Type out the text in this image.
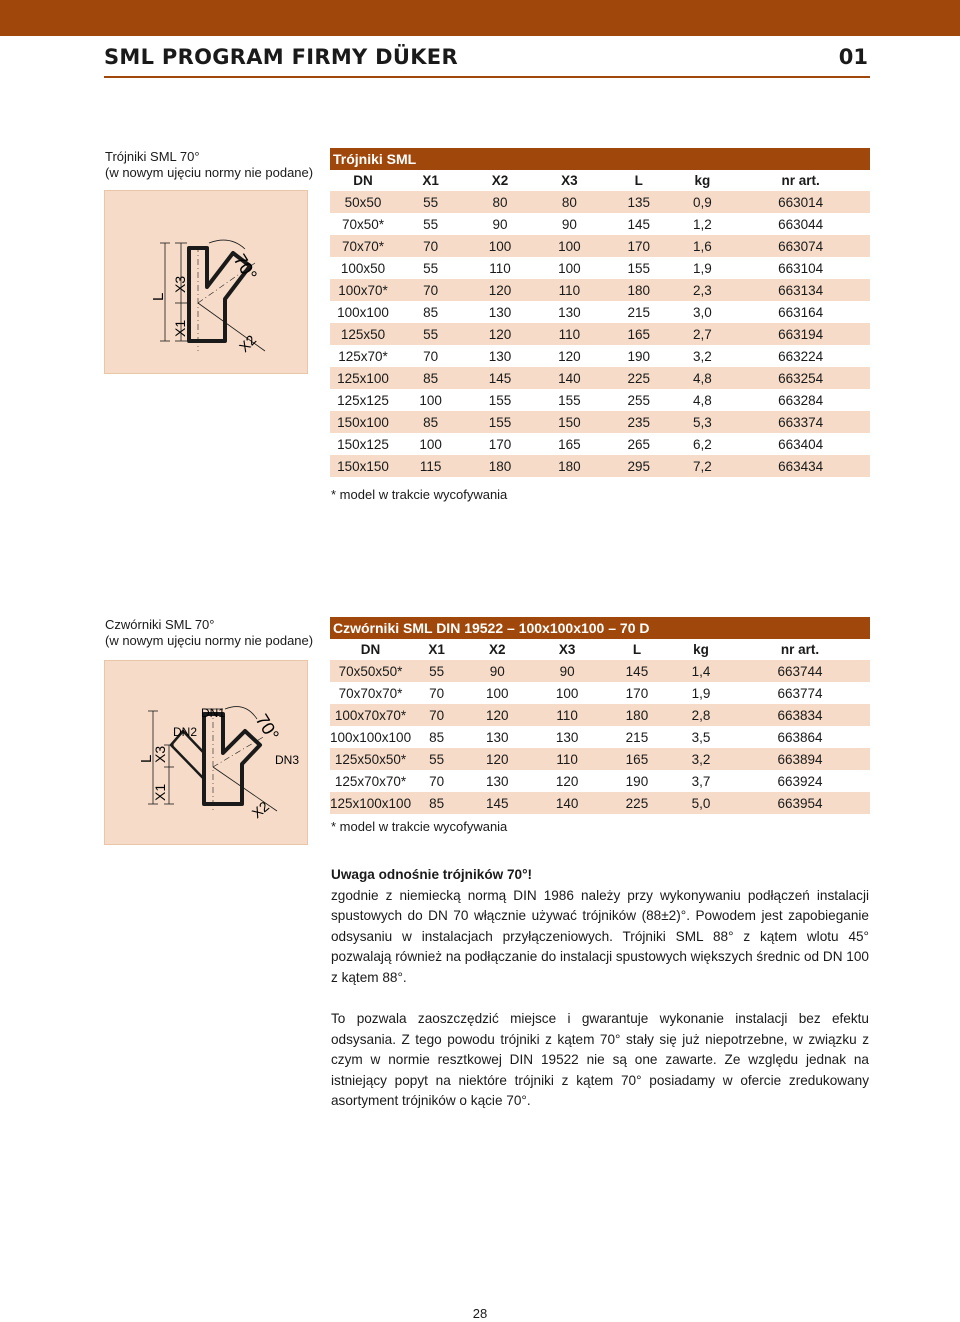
SML PROGRAM FIRMY DÜKER	01
Trójniki SML 70°
(w nowym ujęciu normy nie podane)
70°
L
X3
X1
X2
Trójniki SML						
DN	X1	X2	X3	L	kg	nr art.
50x50	55	80	80	135	0,9	663014
70x50*	55	90	90	145	1,2	663044
70x70*	70	100	100	170	1,6	663074
100x50	55	110	100	155	1,9	663104
100x70*	70	120	110	180	2,3	663134
100x100	85	130	130	215	3,0	663164
125x50	55	120	110	165	2,7	663194
125x70*	70	130	120	190	3,2	663224
125x100	85	145	140	225	4,8	663254
125x125	100	155	155	255	4,8	663284
150x100	85	155	150	235	5,3	663374
150x125	100	170	165	265	6,2	663404
150x150	115	180	180	295	7,2	663434
* model w trakcie wycofywania
Czwórniki SML 70°
(w nowym ujęciu normy nie podane)
DN1
DN2
DN3
70°
L
X3
X1
X2
Czwórniki SML DIN 19522 – 100x100x100 – 70 D						
DN	X1	X2	X3	L	kg	nr art.
70x50x50*	55	90	90	145	1,4	663744
70x70x70*	70	100	100	170	1,9	663774
100x70x70*	70	120	110	180	2,8	663834
100x100x100	85	130	130	215	3,5	663864
125x50x50*	55	120	110	165	3,2	663894
125x70x70*	70	130	120	190	3,7	663924
125x100x100	85	145	140	225	5,0	663954
* model w trakcie wycofywania

Uwaga odnośnie trójników 70°!

zgodnie z niemiecką normą DIN 1986 należy przy wykonywaniu podłączeń instalacji spustowych do DN 70 włącznie używać trójników (88±2)°. Powodem jest zapobieganie odsysaniu w instalacjach przyłączeniowych. Trójniki SML 88° z kątem wlotu 45° pozwalają również na podłączanie do instalacji spustowych większych średnic od DN 100 z kątem 88°.

To pozwala zaoszczędzić miejsce i gwarantuje wykonanie instalacji bez efektu odsysania. Z tego powodu trójniki z kątem 70° stały się już niepotrzebne, w związku z czym w normie resztkowej DIN 19522 nie są one zawarte. Ze względu jednak na istniejący popyt na niektóre trójniki z kątem 70° posiadamy w ofercie zredukowany asortyment trójników o kącie 70°.

28
